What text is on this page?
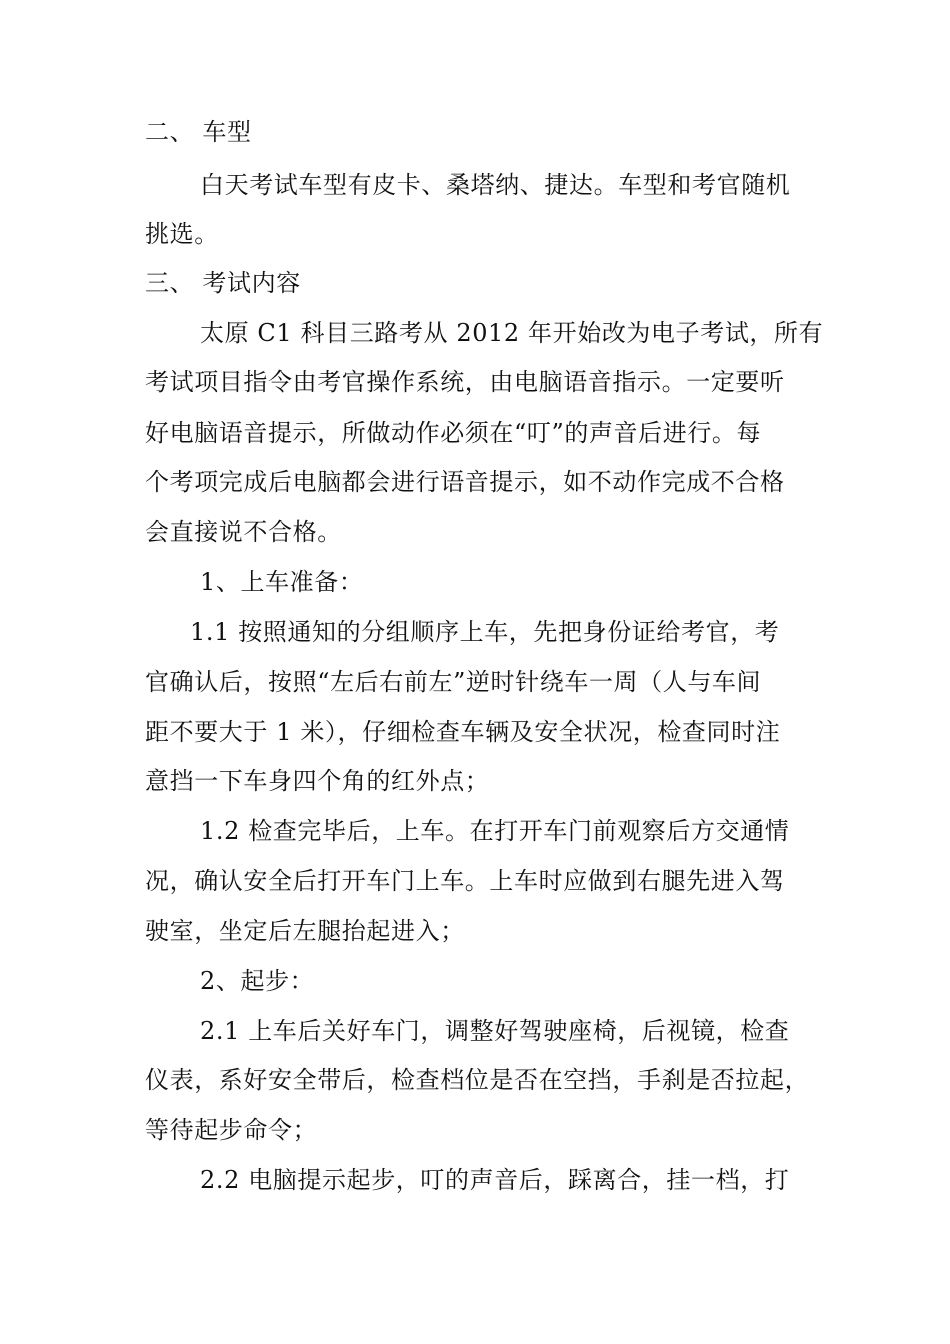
二、 车型
白天考试车型有皮卡、桑塔纳、捷达。车型和考官随机
挑选。
三、 考试内容
太原 C1 科目三路考从 2012 年开始改为电子考试，所有
考试项目指令由考官操作系统，由电脑语音指示。一定要听
好电脑语音提示，所做动作必须在“叮”的声音后进行。每
个考项完成后电脑都会进行语音提示，如不动作完成不合格
会直接说不合格。
1、上车准备：
1.1 按照通知的分组顺序上车，先把身份证给考官，考
官确认后，按照“左后右前左”逆时针绕车一周（人与车间
距不要大于 1 米），仔细检查车辆及安全状况，检查同时注
意挡一下车身四个角的红外点；
1.2 检查完毕后，上车。在打开车门前观察后方交通情
况，确认安全后打开车门上车。上车时应做到右腿先进入驾
驶室，坐定后左腿抬起进入；
2、起步：
2.1 上车后关好车门，调整好驾驶座椅，后视镜，检查
仪表，系好安全带后，检查档位是否在空挡，手刹是否拉起，
等待起步命令；
2.2 电脑提示起步，叮的声音后，踩离合，挂一档，打
